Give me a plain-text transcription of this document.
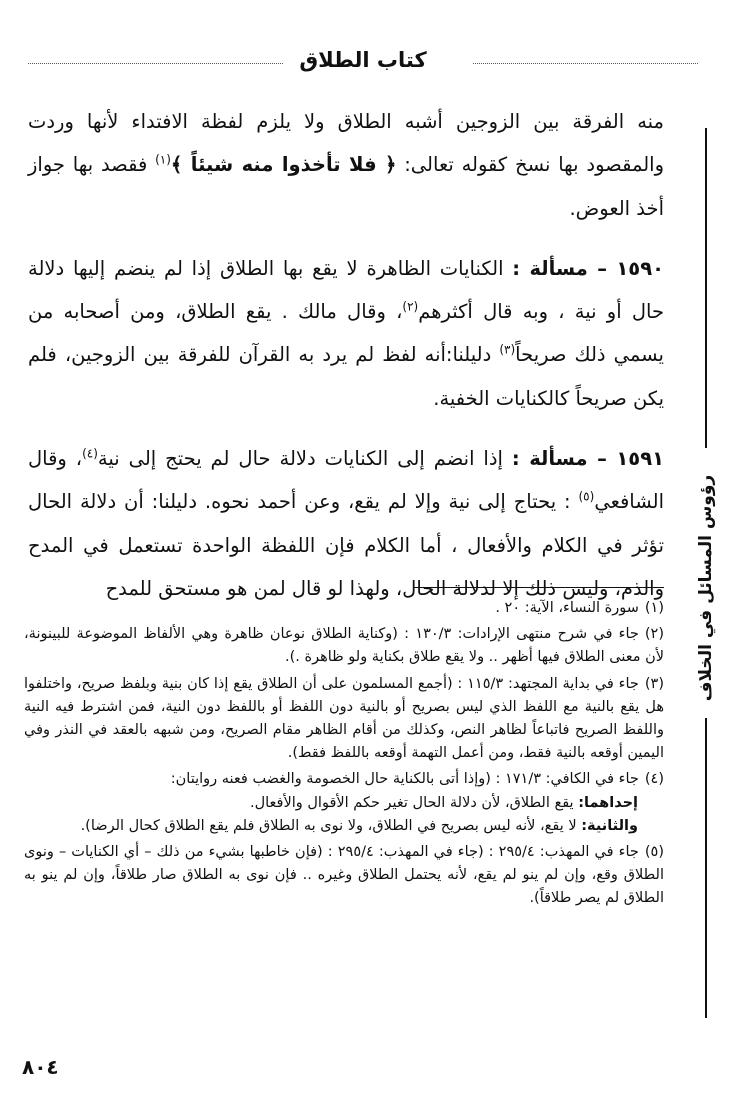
كتاب الطلاق
رؤوس المسائل في الخلاف

منه الفرقة بين الزوجين أشبه الطلاق ولا يلزم لفظة الافتداء لأنها وردت والمقصود بها نسخ كقوله تعالى: ﴿ فلا تأخذوا منه شيئاً ﴾$^{(١)}$ فقصد بها جواز أخذ العوض.

١٥٩٠ – مسألة : الكنايات الظاهرة لا يقع بها الطلاق إذا لم ينضم إليها دلالة حال أو نية ، وبه قال أكثرهم$^{(٢)}$، وقال مالك . يقع الطلاق، ومن أصحابه من يسمي ذلك صريحاً$^{(٣)}$ دليلنا:أنه لفظ لم يرد به القرآن للفرقة بين الزوجين، فلم يكن صريحاً كالكنايات الخفية.

١٥٩١ – مسألة : إذا انضم إلى الكنايات دلالة حال لم يحتج إلى نية$^{(٤)}$، وقال الشافعي$^{(٥)}$ : يحتاج إلى نية وإلا لم يقع، وعن أحمد نحوه. دليلنا: أن دلالة الحال تؤثر في الكلام والأفعال ، أما الكلام فإن اللفظة الواحدة تستعمل في المدح والذم، وليس ذلك إلا لدلالة الحال، ولهذا لو قال لمن هو مستحق للمدح

(١)سورة النساء، الآية: ٢٠ .

(٢)جاء في شرح منتهى الإرادات: ١٣٠/٣ : (وكناية الطلاق نوعان ظاهرة وهي الألفاظ الموضوعة للبينونة، لأن معنى الطلاق فيها أظهر .. ولا يقع طلاق بكناية ولو ظاهرة .).

(٣)جاء في بداية المجتهد: ١١٥/٣ : (أجمع المسلمون على أن الطلاق يقع إذا كان بنية وبلفظ صريح، واختلفوا هل يقع بالنية مع اللفظ الذي ليس بصريح أو بالنية دون اللفظ أو باللفظ دون النية، فمن اشترط فيه النية واللفظ الصريح فاتباعاً لظاهر النص، وكذلك من أقام الظاهر مقام الصريح، ومن شبهه بالعقد في النذر وفي اليمين أوقعه بالنية فقط، ومن أعمل التهمة أوقعه باللفظ فقط).

(٤)جاء في الكافي: ١٧١/٣ : (وإذا أتى بالكناية حال الخصومة والغضب فعنه روايتان:
إحداهما: يقع الطلاق، لأن دلالة الحال تغير حكم الأقوال والأفعال.
والثانية: لا يقع، لأنه ليس بصريح في الطلاق، ولا نوى به الطلاق فلم يقع الطلاق كحال الرضا).

(٥)جاء في المهذب: ٢٩٥/٤ : (جاء في المهذب: ٢٩٥/٤ : (فإن خاطبها بشيء من ذلك – أي الكنايات – ونوى الطلاق وقع، وإن لم ينو لم يقع، لأنه يحتمل الطلاق وغيره .. فإن نوى به الطلاق صار طلاقاً، وإن لم ينو به الطلاق لم يصر طلاقاً).

٨٠٤
